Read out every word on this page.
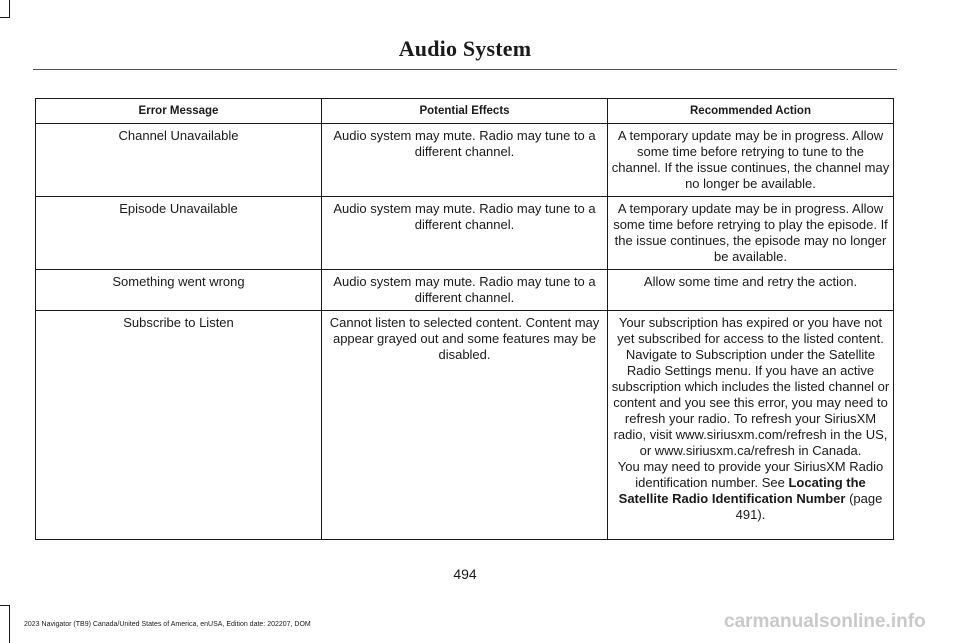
Audio System
Error Message	Potential Effects	Recommended Action
Channel Unavailable	Audio system may mute. Radio may tune to a different channel.	A temporary update may be in progress. Allow some time before retrying to tune to the channel. If the issue continues, the channel may no longer be available.
Episode Unavailable	Audio system may mute. Radio may tune to a different channel.	A temporary update may be in progress. Allow some time before retrying to play the episode. If the issue continues, the episode may no longer be available.
Something went wrong	Audio system may mute. Radio may tune to a different channel.	Allow some time and retry the action.
Subscribe to Listen	Cannot listen to selected content. Content may appear grayed out and some features may be disabled.	Your subscription has expired or you have not yet subscribed for access to the listed content. Navigate to Subscription under the Satellite Radio Settings menu. If you have an active subscription which includes the listed channel or content and you see this error, you may need to refresh your radio. To refresh your SiriusXM radio, visit www.siriusxm.com/refresh in the US, or www.siriusxm.ca/refresh in Canada.

You may need to provide your SiriusXM Radio identification number. See Locating the Satellite Radio Identification Number (page 491).

494
2023 Navigator (TB9) Canada/United States of America, enUSA, Edition date: 202207, DOM	carmanualsonline.info
